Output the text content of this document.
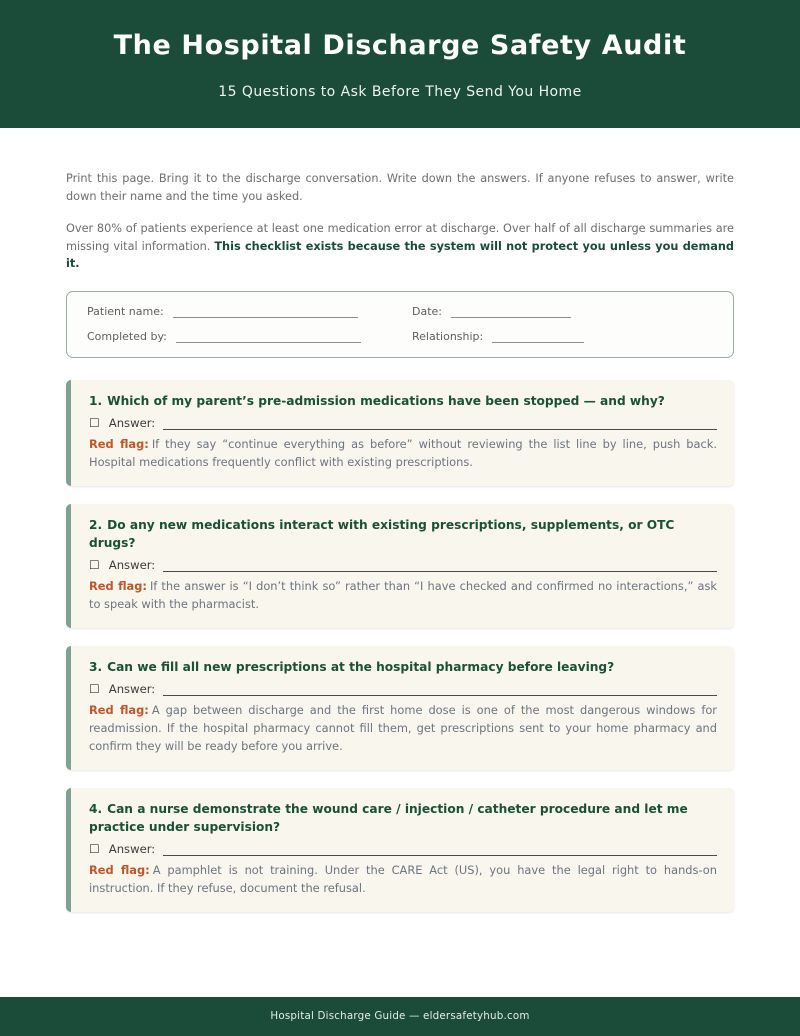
The Hospital Discharge Safety Audit
15 Questions to Ask Before They Send You Home

Print this page. Bring it to the discharge conversation. Write down the answers. If anyone refuses to answer, write down their name and the time you asked.

Over 80% of patients experience at least one medication error at discharge. Over half of all discharge summaries are missing vital information. This checklist exists because the system will not protect you unless you demand it.

Patient name:	Date:
Completed by:	Relationship:
1. Which of my parent’s pre-admission medications have been stopped — and why?
☐ Answer:

Red flag: If they say “continue everything as before” without reviewing the list line by line, push back. Hospital medications frequently conflict with existing prescriptions.

2. Do any new medications interact with existing prescriptions, supplements, or OTC drugs?
☐ Answer:

Red flag: If the answer is “I don’t think so” rather than “I have checked and confirmed no interactions,” ask to speak with the pharmacist.

3. Can we fill all new prescriptions at the hospital pharmacy before leaving?
☐ Answer:

Red flag: A gap between discharge and the first home dose is one of the most dangerous windows for readmission. If the hospital pharmacy cannot fill them, get prescriptions sent to your home pharmacy and confirm they will be ready before you arrive.

4. Can a nurse demonstrate the wound care / injection / catheter procedure and let me practice under supervision?
☐ Answer:

Red flag: A pamphlet is not training. Under the CARE Act (US), you have the legal right to hands-on instruction. If they refuse, document the refusal.

Hospital Discharge Guide — eldersafetyhub.com
